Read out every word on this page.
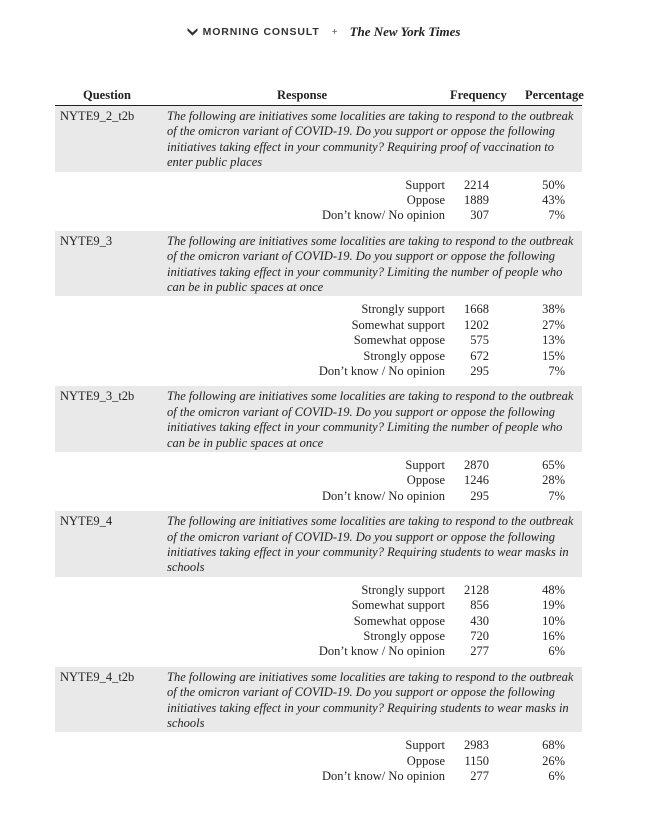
MORNING CONSULT + The New York Times
Question	Response	Frequency Percentage
NYTE9_2_t2b	The following are initiatives some localities are taking to respond to the outbreak of the omicron variant of COVID-19. Do you support or oppose the following initiatives taking effect in your community? Requiring proof of vaccination to enter public places
Support	2214	50%
Oppose	1889	43%
Don’t know/ No opinion	307	7%
NYTE9_3	The following are initiatives some localities are taking to respond to the outbreak of the omicron variant of COVID-19. Do you support or oppose the following initiatives taking effect in your community? Limiting the number of people who can be in public spaces at once
Strongly support	1668	38%
Somewhat support	1202	27%
Somewhat oppose	575	13%
Strongly oppose	672	15%
Don’t know / No opinion	295	7%
NYTE9_3_t2b	The following are initiatives some localities are taking to respond to the outbreak of the omicron variant of COVID-19. Do you support or oppose the following initiatives taking effect in your community? Limiting the number of people who can be in public spaces at once
Support	2870	65%
Oppose	1246	28%
Don’t know/ No opinion	295	7%
NYTE9_4	The following are initiatives some localities are taking to respond to the outbreak of the omicron variant of COVID-19. Do you support or oppose the following initiatives taking effect in your community? Requiring students to wear masks in schools
Strongly support	2128	48%
Somewhat support	856	19%
Somewhat oppose	430	10%
Strongly oppose	720	16%
Don’t know / No opinion	277	6%
NYTE9_4_t2b	The following are initiatives some localities are taking to respond to the outbreak of the omicron variant of COVID-19. Do you support or oppose the following initiatives taking effect in your community? Requiring students to wear masks in schools
Support	2983	68%
Oppose	1150	26%
Don’t know/ No opinion	277	6%
